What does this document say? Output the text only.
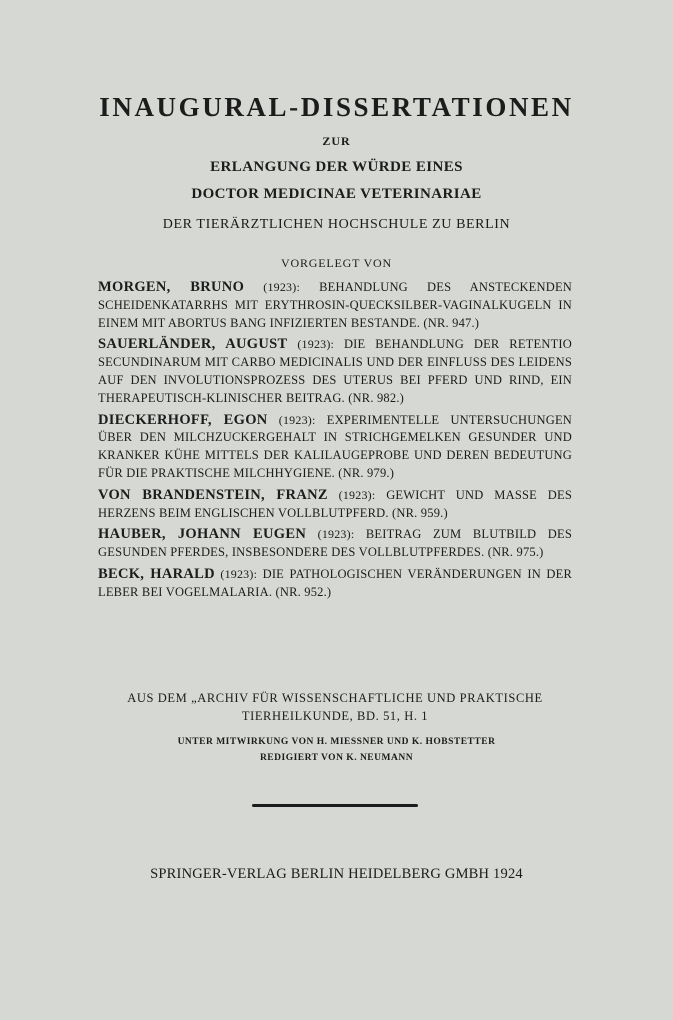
INAUGURAL-DISSERTATIONEN
ZUR
ERLANGUNG DER WÜRDE EINES
DOCTOR MEDICINAE VETERINARIAE
DER TIERÄRZTLICHEN HOCHSCHULE ZU BERLIN
VORGELEGT VON
MORGEN, BRUNO (1923): BEHANDLUNG DES ANSTECKENDEN SCHEIDENKATARRHS MIT ERYTHROSIN-QUECKSILBER-VAGINALKUGELN IN EINEM MIT ABORTUS BANG INFIZIERTEN BESTANDE. (NR. 947.)
SAUERLÄNDER, AUGUST (1923): DIE BEHANDLUNG DER RETENTIO SECUNDINARUM MIT CARBO MEDICINALIS UND DER EINFLUSS DES LEIDENS AUF DEN INVOLUTIONSPROZESS DES UTERUS BEI PFERD UND RIND, EIN THERAPEUTISCH-KLINISCHER BEITRAG. (NR. 982.)
DIECKERHOFF, EGON (1923): EXPERIMENTELLE UNTERSUCHUNGEN ÜBER DEN MILCHZUCKERGEHALT IN STRICHGEMELKEN GESUNDER UND KRANKER KÜHE MITTELS DER KALILAUGEPROBE UND DEREN BEDEUTUNG FÜR DIE PRAKTISCHE MILCHHYGIENE. (NR. 979.)
VON BRANDENSTEIN, FRANZ (1923): GEWICHT UND MASSE DES HERZENS BEIM ENGLISCHEN VOLLBLUTPFERD. (NR. 959.)
HAUBER, JOHANN EUGEN (1923): BEITRAG ZUM BLUTBILD DES GESUNDEN PFERDES, INSBESONDERE DES VOLLBLUTPFERDES. (NR. 975.)
BECK, HARALD (1923): DIE PATHOLOGISCHEN VERÄNDERUNGEN IN DER LEBER BEI VOGELMALARIA. (NR. 952.)
AUS DEM „ARCHIV FÜR WISSENSCHAFTLICHE UND PRAKTISCHE TIERHEILKUNDE, BD. 51, H. 1
UNTER MITWIRKUNG VON H. MIESSNER UND K. HOBSTETTER
REDIGIERT VON K. NEUMANN
SPRINGER-VERLAG BERLIN HEIDELBERG GMBH 1924
